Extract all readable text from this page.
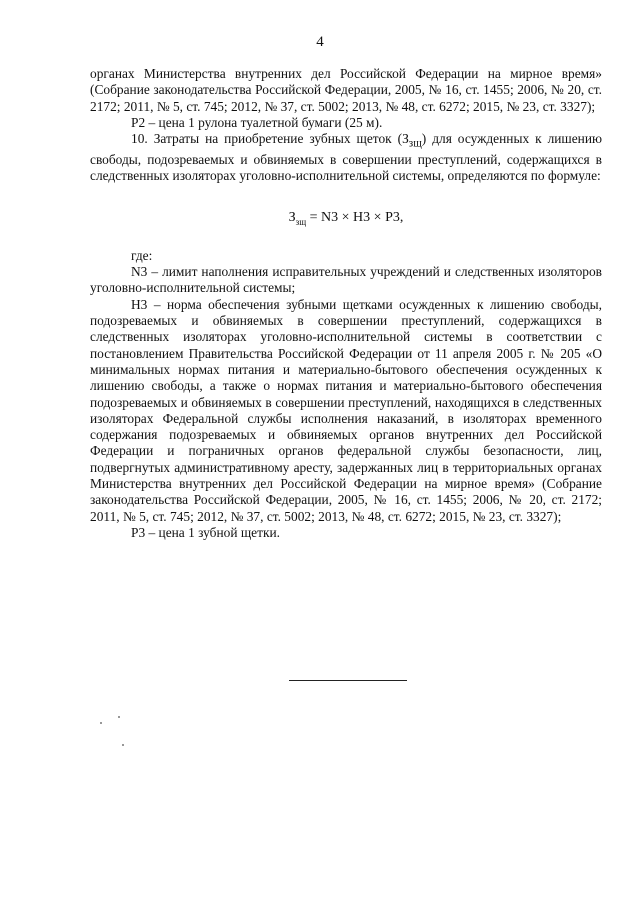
4

органах Министерства внутренних дел Российской Федерации на мирное время» (Собрание законодательства Российской Федерации, 2005, № 16, ст. 1455; 2006, № 20, ст. 2172; 2011, № 5, ст. 745; 2012, № 37, ст. 5002; 2013, № 48, ст. 6272; 2015, № 23, ст. 3327);

Р2 – цена 1 рулона туалетной бумаги (25 м).

10. Затраты на приобретение зубных щеток $(З_{зщ})$ для осужденных к лишению свободы, подозреваемых и обвиняемых в совершении преступлений, содержащихся в следственных изоляторах уголовно-исполнительной системы, определяются по формуле:

$З_{зщ} = N3 \times Н3 \times Р3$,

где:

N3 – лимит наполнения исправительных учреждений и следственных изоляторов уголовно-исполнительной системы;

Н3 – норма обеспечения зубными щетками осужденных к лишению свободы, подозреваемых и обвиняемых в совершении преступлений, содержащихся в следственных изоляторах уголовно-исполнительной системы в соответствии с постановлением Правительства Российской Федерации от 11 апреля 2005 г. № 205 «О минимальных нормах питания и материально-бытового обеспечения осужденных к лишению свободы, а также о нормах питания и материально-бытового обеспечения подозреваемых и обвиняемых в совершении преступлений, находящихся в следственных изоляторах Федеральной службы исполнения наказаний, в изоляторах временного содержания подозреваемых и обвиняемых органов внутренних дел Российской Федерации и пограничных органов федеральной службы безопасности, лиц, подвергнутых административному аресту, задержанных лиц в территориальных органах Министерства внутренних дел Российской Федерации на мирное время» (Собрание законодательства Российской Федерации, 2005, № 16, ст. 1455; 2006, № 20, ст. 2172; 2011, № 5, ст. 745; 2012, № 37, ст. 5002; 2013, № 48, ст. 6272; 2015, № 23, ст. 3327);

Р3 – цена 1 зубной щетки.
